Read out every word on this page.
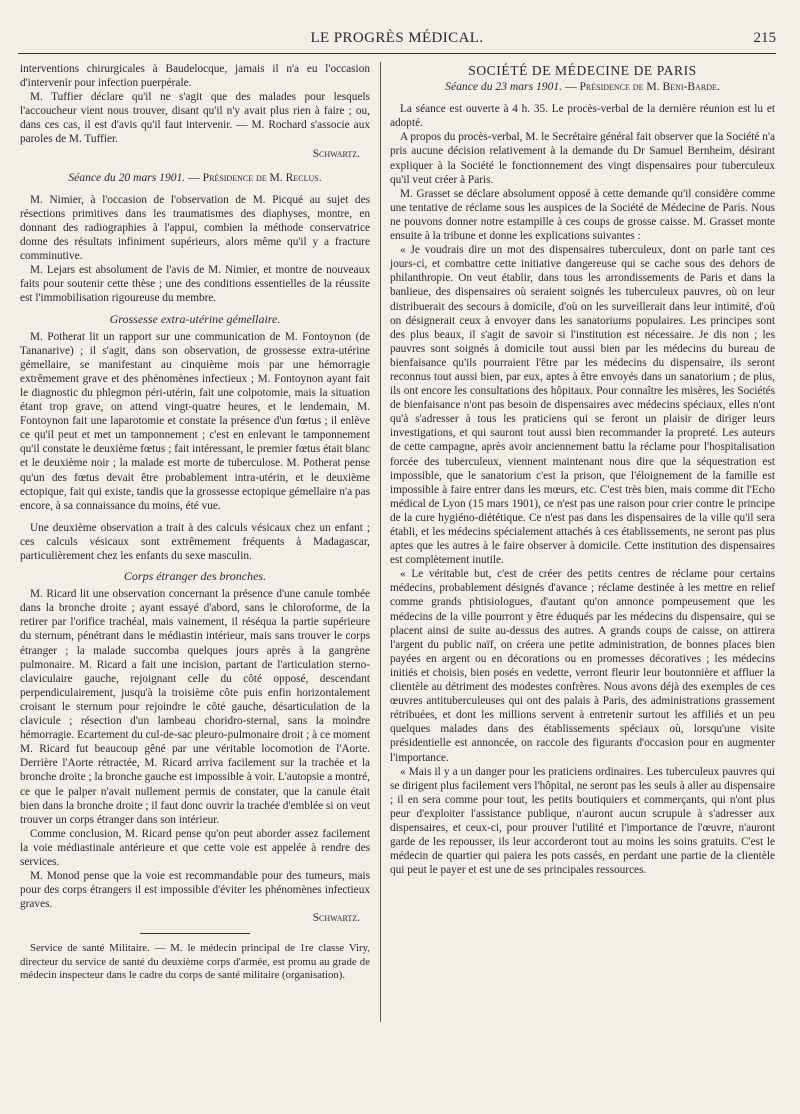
LE PROGRÈS MÉDICAL.	215

interventions chirurgicales à Baudelocque, jamais il n'a eu l'occasion d'intervenir pour infection puerpérale.

M. Tuffier déclare qu'il ne s'agit que des malades pour lesquels l'accoucheur vient nous trouver, disant qu'il n'y avait plus rien à faire ; ou, dans ces cas, il est d'avis qu'il faut intervenir. — M. Rochard s'associe aux paroles de M. Tuffier.

Schwartz.
Séance du 20 mars 1901. — Présidence de M. Reclus.

M. Nimier, à l'occasion de l'observation de M. Picqué au sujet des résections primitives dans les traumatismes des diaphyses, montre, en donnant des radiographies à l'appui, combien la méthode conservatrice donne des résultats infiniment supérieurs, alors même qu'il y a fracture comminutive.

M. Lejars est absolument de l'avis de M. Nimier, et montre de nouveaux faits pour soutenir cette thèse ; une des conditions essentielles de la réussite est l'immobilisation rigoureuse du membre.

Grossesse extra-utérine gémellaire.

M. Potherat lit un rapport sur une communication de M. Fontoynon (de Tananarive) ; il s'agit, dans son observation, de grossesse extra-utérine gémellaire, se manifestant au cinquième mois par une hémorragie extrêmement grave et des phénomènes infectieux ; M. Fontoynon ayant fait le diagnostic du phlegmon péri-utérin, fait une colpotomie, mais la situation étant trop grave, on attend vingt-quatre heures, et le lendemain, M. Fontoynon fait une laparotomie et constate la présence d'un fœtus ; il enlève ce qu'il peut et met un tamponnement ; c'est en enlevant le tamponnement qu'il constate le deuxième fœtus ; fait intéressant, le premier fœtus était blanc et le deuxième noir ; la malade est morte de tuberculose. M. Potherat pense qu'un des fœtus devait être probablement intra-utérin, et le deuxième ectopique, fait qui existe, tandis que la grossesse ectopique gémellaire n'a pas encore, à sa connaissance du moins, été vue.

Une deuxième observation a trait à des calculs vésicaux chez un enfant ; ces calculs vésicaux sont extrêmement fréquents à Madagascar, particulièrement chez les enfants du sexe masculin.

Corps étranger des bronches.

M. Ricard lit une observation concernant la présence d'une canule tombée dans la bronche droite ; ayant essayé d'abord, sans le chloroforme, de la retirer par l'orifice trachéal, mais vainement, il réséqua la partie supérieure du sternum, pénétrant dans le médiastin intérieur, mais sans trouver le corps étranger ; la malade succomba quelques jours après à la gangrène pulmonaire. M. Ricard a fait une incision, partant de l'articulation sterno-claviculaire gauche, rejoignant celle du côté opposé, descendant perpendiculairement, jusqu'à la troisième côte puis enfin horizontalement croisant le sternum pour rejoindre le côté gauche, désarticulation de la clavicule ; résection d'un lambeau choridro-sternal, sans la moindre hémorragie. Ecartement du cul-de-sac pleuro-pulmonaire droit ; à ce moment M. Ricard fut beaucoup gêné par une véritable locomotion de l'Aorte. Derrière l'Aorte rétractée, M. Ricard arriva facilement sur la trachée et la bronche droite ; la bronche gauche est impossible à voir. L'autopsie a montré, ce que le palper n'avait nullement permis de constater, que la canule était bien dans la bronche droite ; il faut donc ouvrir la trachée d'emblée si on veut trouver un corps étranger dans son intérieur.

Comme conclusion, M. Ricard pense qu'on peut aborder assez facilement la voie médiastinale antérieure et que cette voie est appelée à rendre des services.

M. Monod pense que la voie est recommandable pour des tumeurs, mais pour des corps étrangers il est impossible d'éviter les phénomènes infectieux graves.

Schwartz.

Service de santé Militaire. — M. le médecin principal de 1re classe Viry, directeur du service de santé du deuxième corps d'armée, est promu au grade de médecin inspecteur dans le cadre du corps de santé militaire (organisation).

SOCIÉTÉ DE MÉDECINE DE PARIS
Séance du 23 mars 1901. — Présidence de M. Beni-Barde.

La séance est ouverte à 4 h. 35. Le procès-verbal de la dernière réunion est lu et adopté.

A propos du procès-verbal, M. le Secrétaire général fait observer que la Société n'a pris aucune décision relativement à la demande du Dr Samuel Bernheim, désirant expliquer à la Société le fonctionnement des vingt dispensaires pour tuberculeux qu'il veut créer à Paris.

M. Grasset se déclare absolument opposé à cette demande qu'il considère comme une tentative de réclame sous les auspices de la Société de Médecine de Paris. Nous ne pouvons donner notre estampille à ces coups de grosse caisse. M. Grasset monte ensuite à la tribune et donne les explications suivantes :

« Je voudrais dire un mot des dispensaires tuberculeux, dont on parle tant ces jours-ci, et combattre cette initiative dangereuse qui se cache sous des dehors de philanthropie. On veut établir, dans tous les arrondissements de Paris et dans la banlieue, des dispensaires où seraient soignés les tuberculeux pauvres, où on leur distribuerait des secours à domicile, d'où on les surveillerait dans leur intimité, d'où on désignerait ceux à envoyer dans les sanatoriums populaires. Les principes sont des plus beaux, il s'agit de savoir si l'institution est nécessaire. Je dis non ; les pauvres sont soignés à domicile tout aussi bien par les médecins du bureau de bienfaisance qu'ils pourraient l'être par les médecins du dispensaire, ils seront reconnus tout aussi bien, par eux, aptes à être envoyés dans un sanatorium ; de plus, ils ont encore les consultations des hôpitaux. Pour connaître les misères, les Sociétés de bienfaisance n'ont pas besoin de dispensaires avec médecins spéciaux, elles n'ont qu'à s'adresser à tous les praticiens qui se feront un plaisir de diriger leurs investigations, et qui sauront tout aussi bien recommander la propreté. Les auteurs de cette campagne, après avoir anciennement battu la réclame pour l'hospitalisation forcée des tuberculeux, viennent maintenant nous dire que la séquestration est impossible, que le sanatorium c'est la prison, que l'éloignement de la famille est impossible à faire entrer dans les mœurs, etc. C'est très bien, mais comme dit l'Echo médical de Lyon (15 mars 1901), ce n'est pas une raison pour crier contre le principe de la cure hygiéno-diététique. Ce n'est pas dans les dispensaires de la ville qu'il sera établi, et les médecins spécialement attachés à ces établissements, ne seront pas plus aptes que les autres à le faire observer à domicile. Cette institution des dispensaires est complètement inutile.

« Le véritable but, c'est de créer des petits centres de réclame pour certains médecins, probablement désignés d'avance ; réclame destinée à les mettre en relief comme grands phtisiologues, d'autant qu'on annonce pompeusement que les médecins de la ville pourront y être éduqués par les médecins du dispensaire, qui se placent ainsi de suite au-dessus des autres. A grands coups de caisse, on attirera l'argent du public naïf, on créera une petite administration, de bonnes places bien payées en argent ou en décorations ou en promesses décoratives ; les médecins initiés et choisis, bien posés en vedette, verront fleurir leur boutonnière et affluer la clientèle au détriment des modestes confrères. Nous avons déjà des exemples de ces œuvres antituberculeuses qui ont des palais à Paris, des administrations grassement rétribuées, et dont les millions servent à entretenir surtout les affiliés et un peu quelques malades dans des établissements spéciaux où, lorsqu'une visite présidentielle est annoncée, on raccole des figurants d'occasion pour en augmenter l'importance.

« Mais il y a un danger pour les praticiens ordinaires. Les tuberculeux pauvres qui se dirigent plus facilement vers l'hôpital, ne seront pas les seuls à aller au dispensaire ; il en sera comme pour tout, les petits boutiquiers et commerçants, qui n'ont plus peur d'exploiter l'assistance publique, n'auront aucun scrupule à s'adresser aux dispensaires, et ceux-ci, pour prouver l'utilité et l'importance de l'œuvre, n'auront garde de les repousser, ils leur accorderont tout au moins les soins gratuits. C'est le médecin de quartier qui paiera les pots cassés, en perdant une partie de la clientèle qui peut le payer et est une de ses principales ressources.
